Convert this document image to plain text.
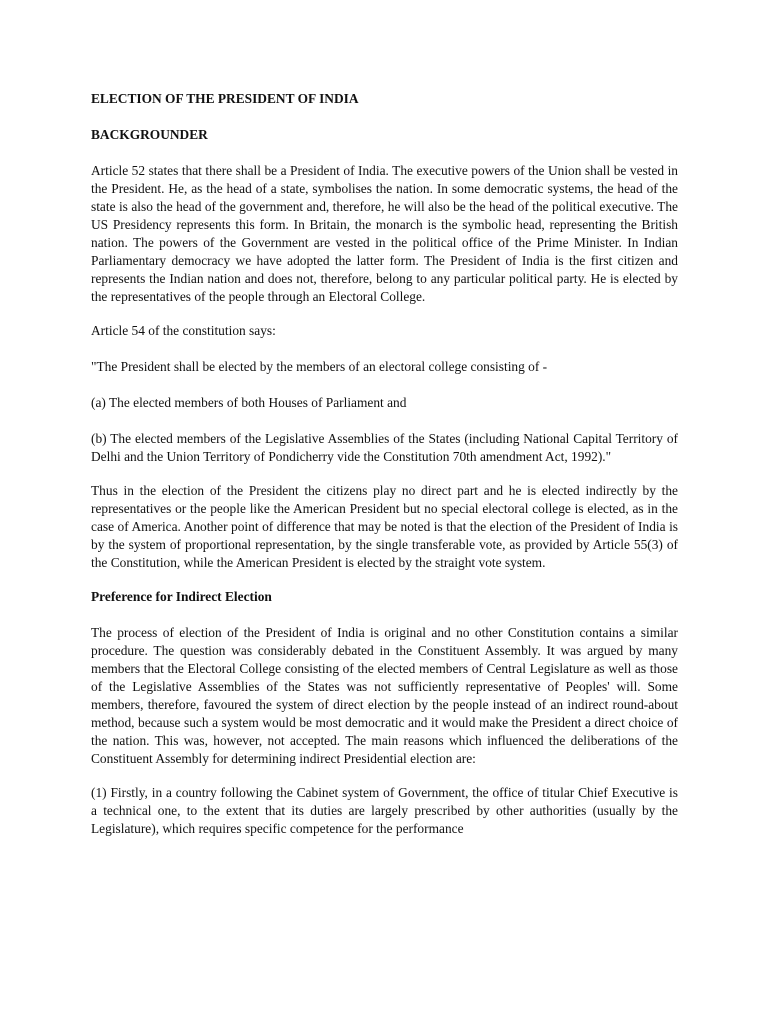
ELECTION OF THE PRESIDENT OF INDIA
BACKGROUNDER

Article 52 states that there shall be a President of India. The executive powers of the Union shall be vested in the President. He, as the head of a state, symbolises the nation. In some democratic systems, the head of the state is also the head of the government and, therefore, he will also be the head of the political executive. The US Presidency represents this form. In Britain, the monarch is the symbolic head, representing the British nation. The powers of the Government are vested in the political office of the Prime Minister. In Indian Parliamentary democracy we have adopted the latter form. The President of India is the first citizen and represents the Indian nation and does not, therefore, belong to any particular political party. He is elected by the representatives of the people through an Electoral College.

Article 54 of the constitution says:

"The President shall be elected by the members of an electoral college consisting of -

(a) The elected members of both Houses of Parliament and

(b) The elected members of the Legislative Assemblies of the States (including National Capital Territory of Delhi and the Union Territory of Pondicherry vide the Constitution 70th amendment Act, 1992)."

Thus in the election of the President the citizens play no direct part and he is elected indirectly by the representatives or the people like the American President but no special electoral college is elected, as in the case of America. Another point of difference that may be noted is that the election of the President of India is by the system of proportional representation, by the single transferable vote, as provided by Article 55(3) of the Constitution, while the American President is elected by the straight vote system.

Preference for Indirect Election

The process of election of the President of India is original and no other Constitution contains a similar procedure. The question was considerably debated in the Constituent Assembly. It was argued by many members that the Electoral College consisting of the elected members of Central Legislature as well as those of the Legislative Assemblies of the States was not sufficiently representative of Peoples' will. Some members, therefore, favoured the system of direct election by the people instead of an indirect round-about method, because such a system would be most democratic and it would make the President a direct choice of the nation. This was, however, not accepted. The main reasons which influenced the deliberations of the Constituent Assembly for determining indirect Presidential election are:

(1) Firstly, in a country following the Cabinet system of Government, the office of titular Chief Executive is a technical one, to the extent that its duties are largely prescribed by other authorities (usually by the Legislature), which requires specific competence for the performance
